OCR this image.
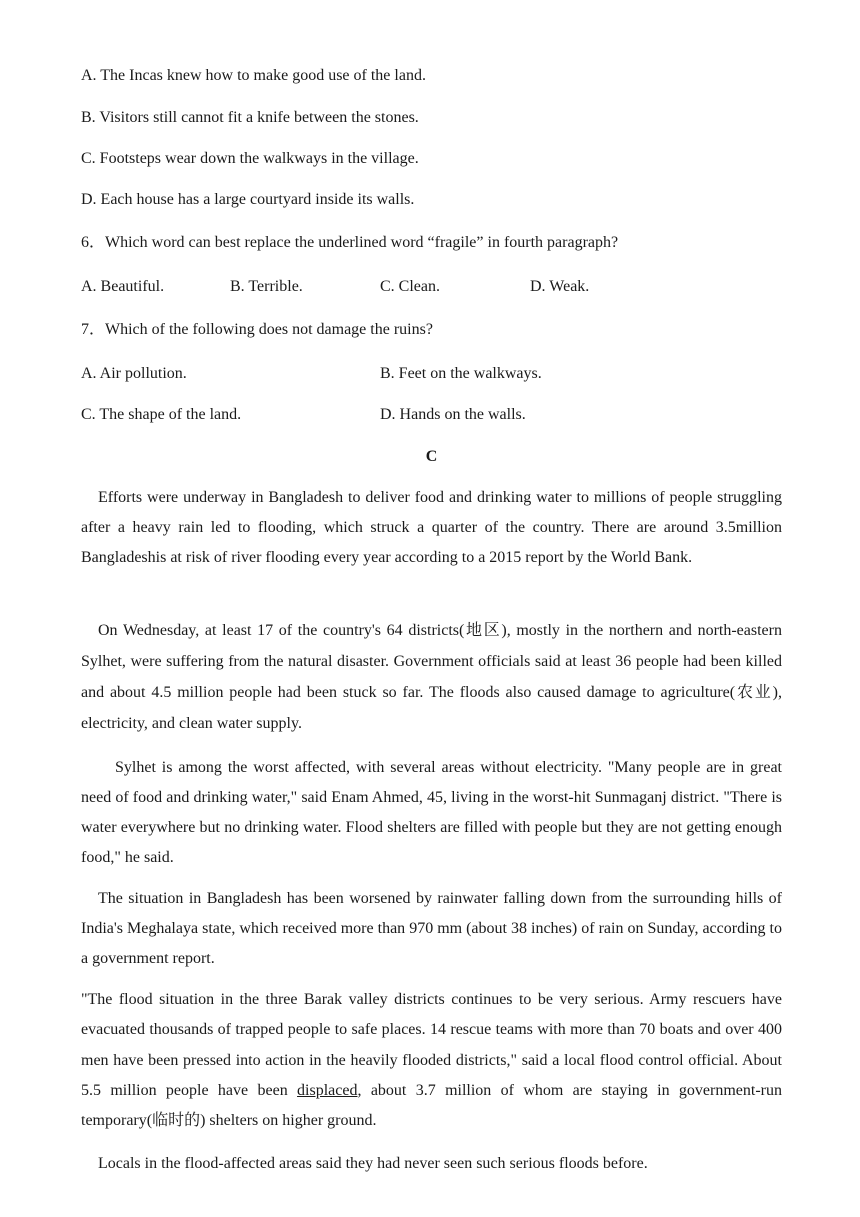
A. The Incas knew how to make good use of the land.
B. Visitors still cannot fit a knife between the stones.
C. Footsteps wear down the walkways in the village.
D. Each house has a large courtyard inside its walls.
6．Which word can best replace the underlined word “fragile” in fourth paragraph?
A. Beautiful.	B. Terrible.	C. Clean.	D. Weak.
7．Which of the following does not damage the ruins?
A. Air pollution.	B. Feet on the walkways.
C. The shape of the land.	D. Hands on the walls.
C

Efforts were underway in Bangladesh to deliver food and drinking water to millions of people struggling after a heavy rain led to flooding, which struck a quarter of the country. There are around 3.5million Bangladeshis at risk of river flooding every year according to a 2015 report by the World Bank.

On Wednesday, at least 17 of the country's 64 districts(地区), mostly in the northern and north-eastern Sylhet, were suffering from the natural disaster. Government officials said at least 36 people had been killed and about 4.5 million people had been stuck so far. The floods also caused damage to agriculture(农业), electricity, and clean water supply.

Sylhet is among the worst affected, with several areas without electricity. "Many people are in great need of food and drinking water," said Enam Ahmed, 45, living in the worst-hit Sunmaganj district. "There is water everywhere but no drinking water. Flood shelters are filled with people but they are not getting enough food," he said.

The situation in Bangladesh has been worsened by rainwater falling down from the surrounding hills of India's Meghalaya state, which received more than 970 mm (about 38 inches) of rain on Sunday, according to a government report.

"The flood situation in the three Barak valley districts continues to be very serious. Army rescuers have evacuated thousands of trapped people to safe places. 14 rescue teams with more than 70 boats and over 400 men have been pressed into action in the heavily flooded districts," said a local flood control official. About 5.5 million people have been displaced, about 3.7 million of whom are staying in government-run temporary(临时的) shelters on higher ground.

Locals in the flood-affected areas said they had never seen such serious floods before.
